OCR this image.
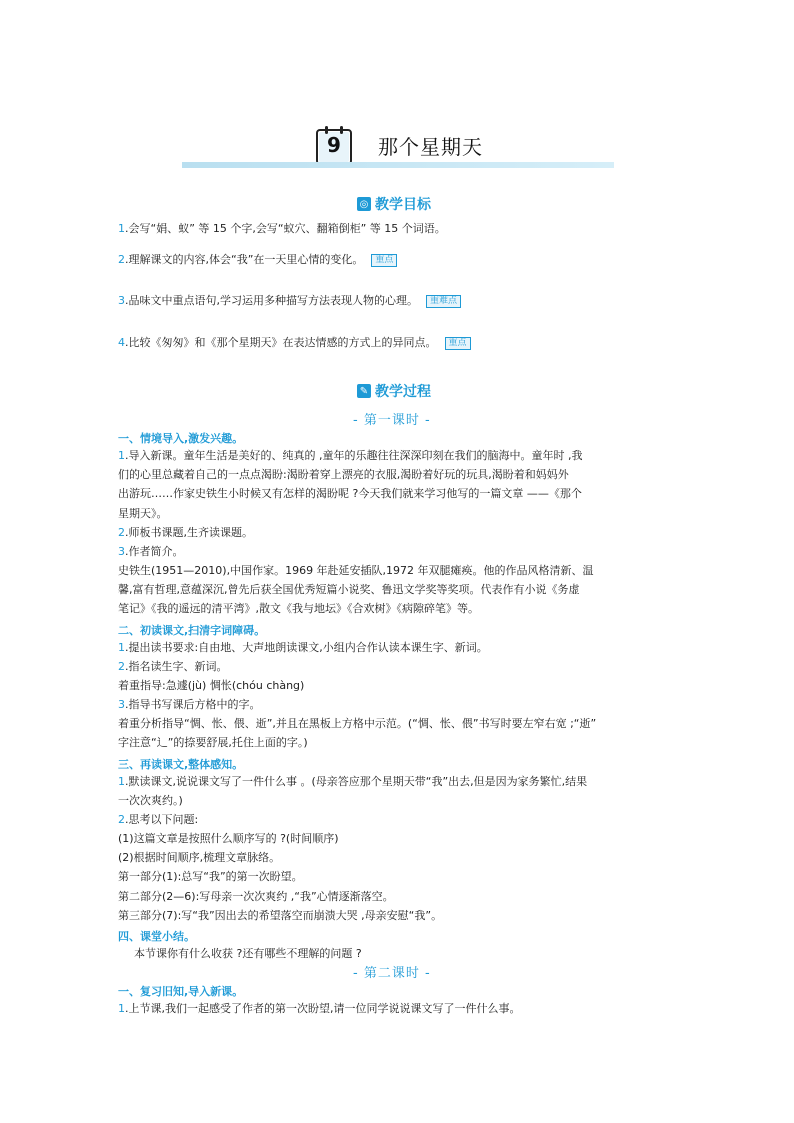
9	那个星期天
◎ 教学目标
1.会写“娟、蚁” 等 15 个字,会写“蚁穴、翻箱倒柜” 等 15 个词语。
2.理解课文的内容,体会“我”在一天里心情的变化。 重点
3.品味文中重点语句,学习运用多种描写方法表现人物的心理。 重难点
4.比较《匆匆》和《那个星期天》在表达情感的方式上的异同点。 重点
✎ 教学过程
- 第一课时 -
一、情境导入,激发兴趣。
1.导入新课。童年生活是美好的、纯真的 ,童年的乐趣往往深深印刻在我们的脑海中。童年时 ,我
们的心里总藏着自己的一点点渴盼:渴盼着穿上漂亮的衣服,渴盼着好玩的玩具,渴盼着和妈妈外
出游玩……作家史铁生小时候又有怎样的渴盼呢 ?今天我们就来学习他写的一篇文章 ——《那个
星期天》。
2.师板书课题,生齐读课题。
3.作者简介。
史铁生(1951—2010),中国作家。1969 年赴延安插队,1972 年双腿瘫痪。他的作品风格清新、温
馨,富有哲理,意蕴深沉,曾先后获全国优秀短篇小说奖、鲁迅文学奖等奖项。代表作有小说《务虚
笔记》《我的遥远的清平湾》,散文《我与地坛》《合欢树》《病隙碎笔》等。
二、初读课文,扫清字词障碍。
1.提出读书要求:自由地、大声地朗读课文,小组内合作认读本课生字、新词。
2.指名读生字、新词。
着重指导:急遽(jù) 惆怅(chóu chàng)
3.指导书写课后方格中的字。
着重分析指导“惆、怅、偎、逝”,并且在黑板上方格中示范。(“惆、怅、偎”书写时要左窄右宽 ;“逝”
字注意“辶”的捺要舒展,托住上面的字。)
三、再读课文,整体感知。
1.默读课文,说说课文写了一件什么事 。(母亲答应那个星期天带“我”出去,但是因为家务繁忙,结果
一次次爽约。)
2.思考以下问题:
(1)这篇文章是按照什么顺序写的 ?(时间顺序)
(2)根据时间顺序,梳理文章脉络。
第一部分(1):总写“我”的第一次盼望。
第二部分(2—6):写母亲一次次爽约 ,“我”心情逐渐落空。
第三部分(7):写“我”因出去的希望落空而崩溃大哭 ,母亲安慰“我”。
四、课堂小结。
本节课你有什么收获 ?还有哪些不理解的问题 ?
- 第二课时 -
一、复习旧知,导入新课。
1.上节课,我们一起感受了作者的第一次盼望,请一位同学说说课文写了一件什么事。
